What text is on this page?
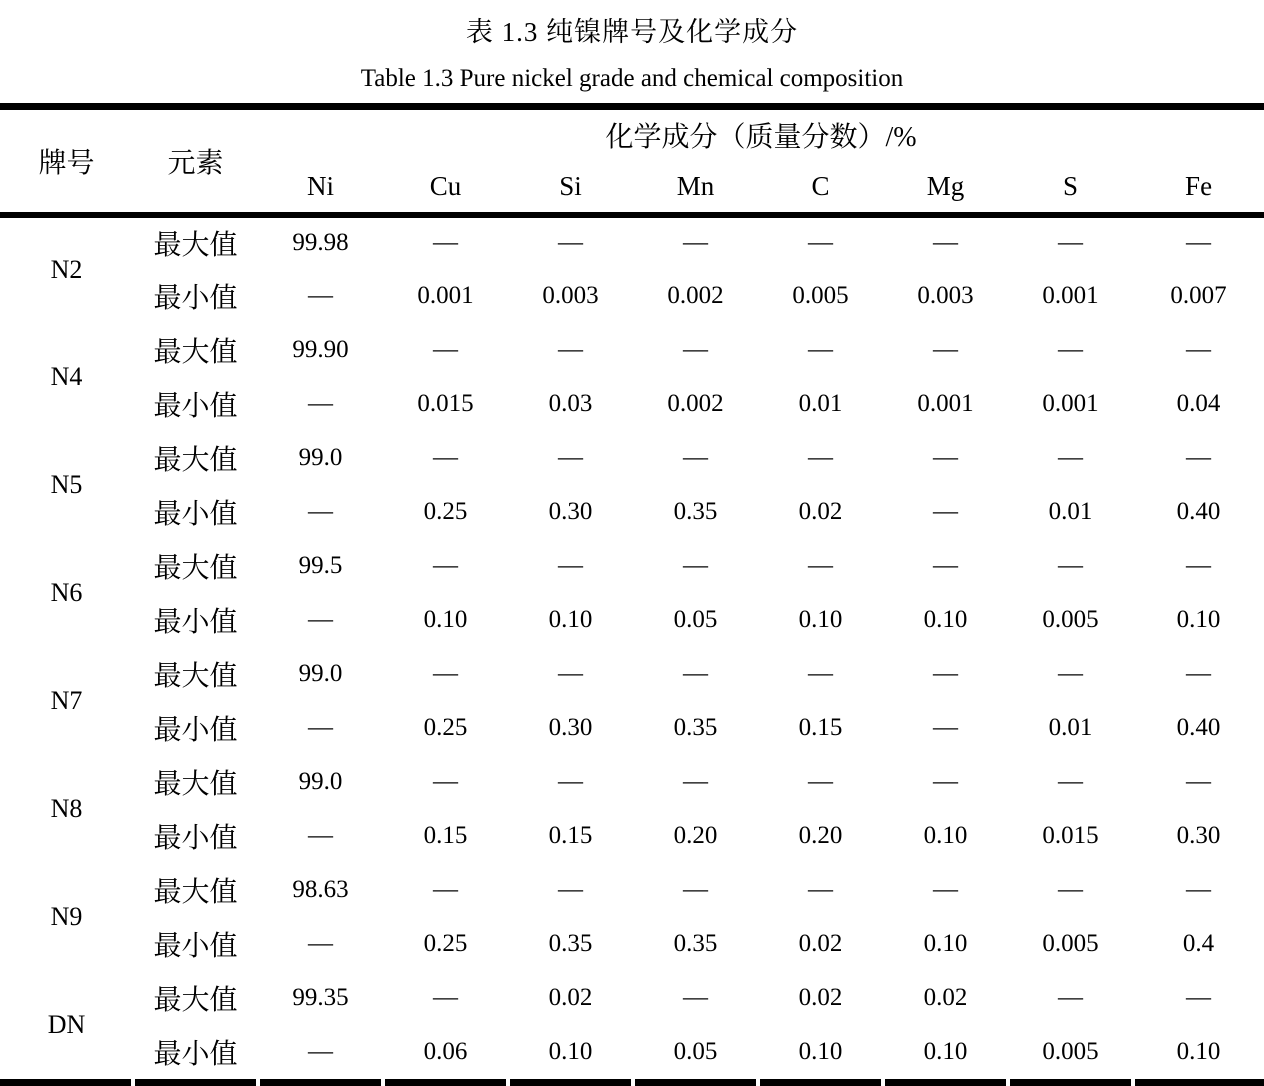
表 1.3 纯镍牌号及化学成分
Table 1.3 Pure nickel grade and chemical composition
牌号	元素	化学成分（质量分数）/%							
		Ni	Cu	Si	Mn	C	Mg	S	Fe
N2	最大值	99.98	—	—	—	—	—	—	—
	最小值	—	0.001	0.003	0.002	0.005	0.003	0.001	0.007
N4	最大值	99.90	—	—	—	—	—	—	—
	最小值	—	0.015	0.03	0.002	0.01	0.001	0.001	0.04
N5	最大值	99.0	—	—	—	—	—	—	—
	最小值	—	0.25	0.30	0.35	0.02	—	0.01	0.40
N6	最大值	99.5	—	—	—	—	—	—	—
	最小值	—	0.10	0.10	0.05	0.10	0.10	0.005	0.10
N7	最大值	99.0	—	—	—	—	—	—	—
	最小值	—	0.25	0.30	0.35	0.15	—	0.01	0.40
N8	最大值	99.0	—	—	—	—	—	—	—
	最小值	—	0.15	0.15	0.20	0.20	0.10	0.015	0.30
N9	最大值	98.63	—	—	—	—	—	—	—
	最小值	—	0.25	0.35	0.35	0.02	0.10	0.005	0.4
DN	最大值	99.35	—	0.02	—	0.02	0.02	—	—
	最小值	—	0.06	0.10	0.05	0.10	0.10	0.005	0.10
